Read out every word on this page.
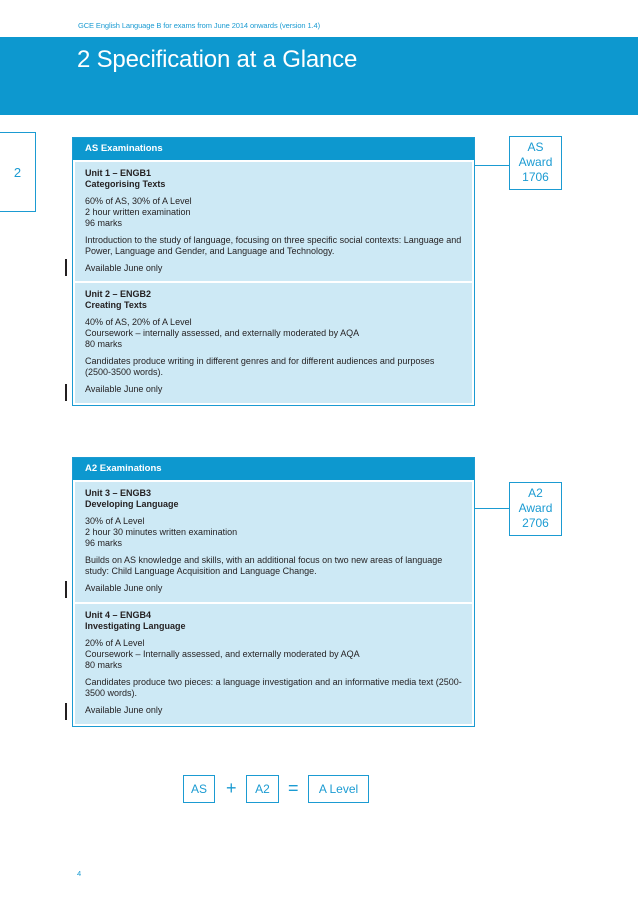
GCE English Language B for exams from June 2014 onwards (version 1.4)
2 Specification at a Glance
2
AS Examinations

Unit 1 – ENGB1

Categorising Texts

60% of AS, 30% of A Level

2 hour written examination

96 marks

Introduction to the study of language, focusing on three specific social contexts: Language and Power, Language and Gender, and Language and Technology.

Available June only

Unit 2 – ENGB2

Creating Texts

40% of AS, 20% of A Level

Coursework – internally assessed, and externally moderated by AQA

80 marks

Candidates produce writing in different genres and for different audiences and purposes (2500-3500 words).

Available June only

AS
Award
1706
A2 Examinations

Unit 3 – ENGB3

Developing Language

30% of A Level

2 hour 30 minutes written examination

96 marks

Builds on AS knowledge and skills, with an additional focus on two new areas of language study: Child Language Acquisition and Language Change.

Available June only

Unit 4 – ENGB4

Investigating Language

20% of A Level

Coursework – Internally assessed, and externally moderated by AQA

80 marks

Candidates produce two pieces: a language investigation and an informative media text (2500-3500 words).

Available June only

A2
Award
2706
AS	+	A2	=	A Level
4
